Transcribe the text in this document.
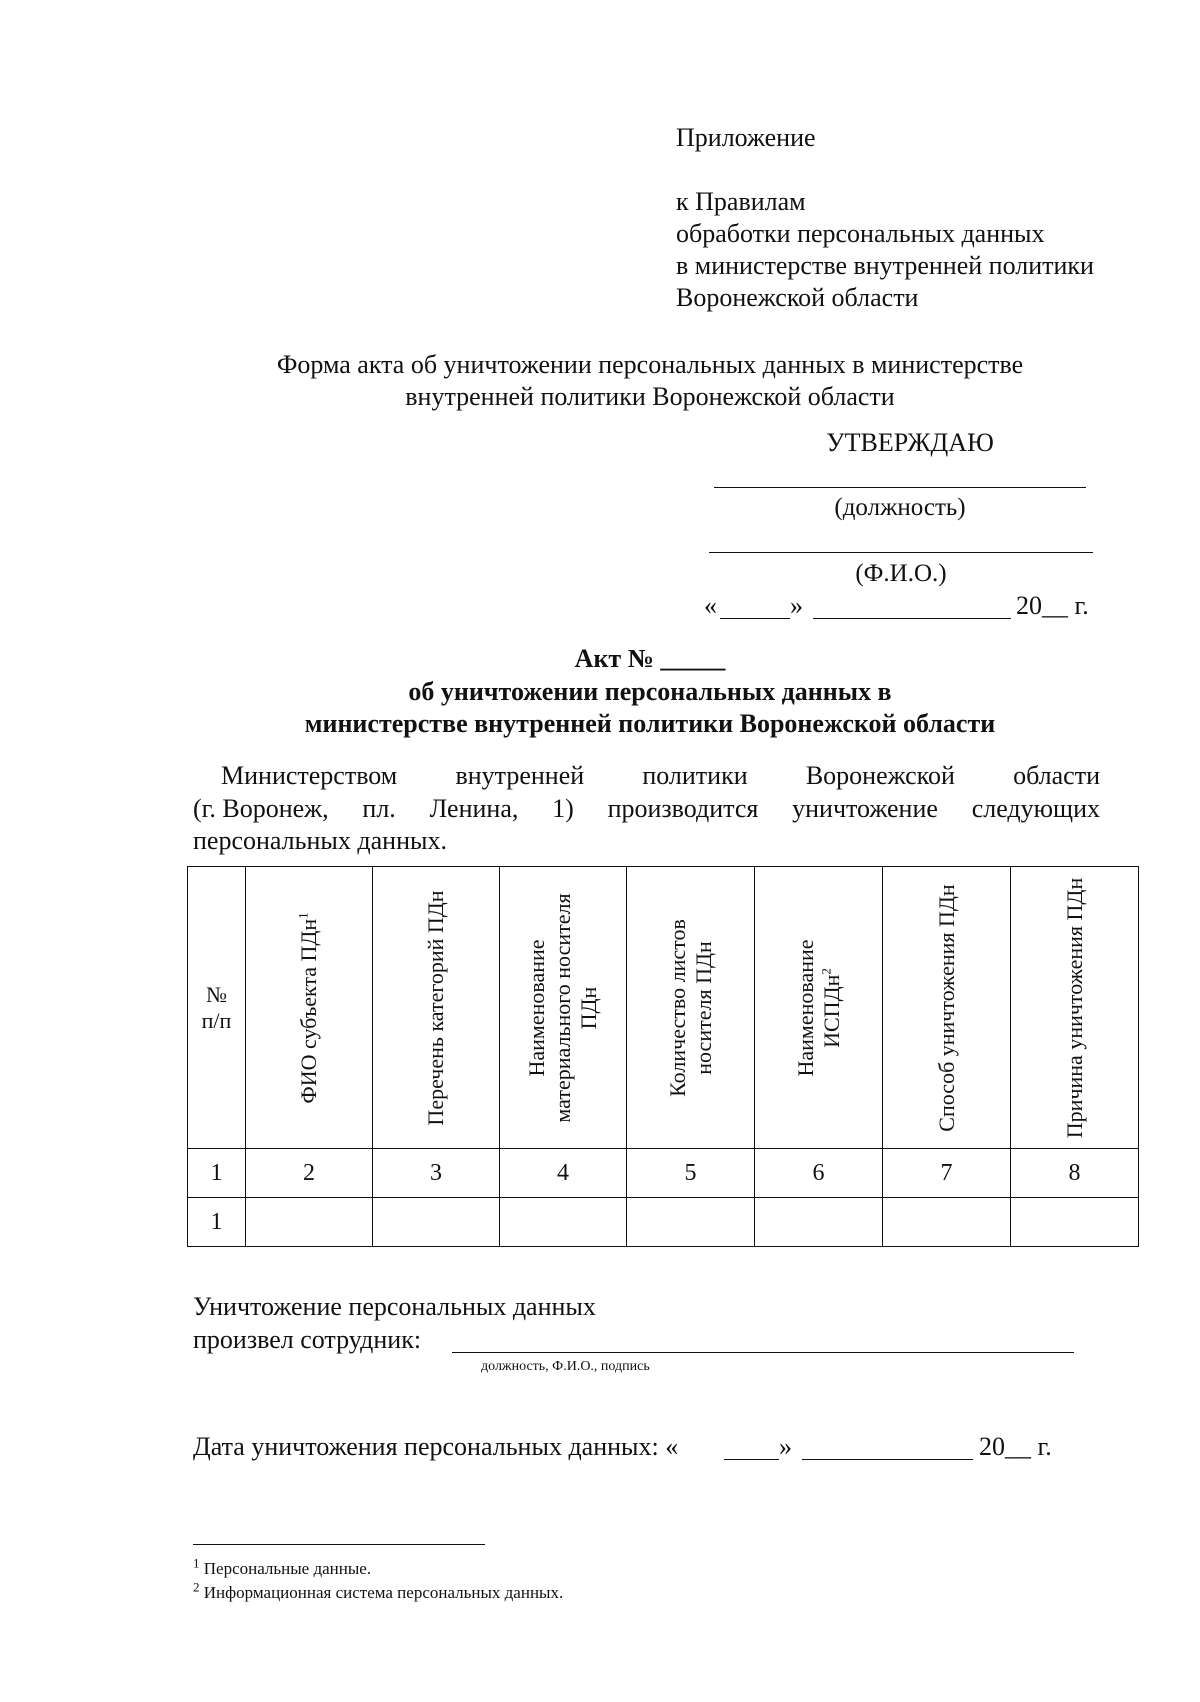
Приложение
к Правилам
обработки персональных данных
в министерстве внутренней политики
Воронежской области
Форма акта об уничтожении персональных данных в министерстве
внутренней политики Воронежской области
УТВЕРЖДАЮ
(должность)
(Ф.И.О.)
«	»	20__ г.
Акт № _____
об уничтожении персональных данных в
министерстве внутренней политики Воронежской области
Министерством внутренней политики Воронежской области
(г. Воронеж, пл. Ленина, 1) производится уничтожение следующих
персональных данных.
№ п/п	ФИО субъекта ПДн$^1$	Перечень категорий ПДн	Наименование материального носителя ПДн	Количество листов носителя ПДн	Наименование ИСПДн$^2$	Способ уничтожения ПДн	Причина уничтожения ПДн

1	2	3	4	5	6	7	8
1							
Уничтожение персональных данных
произвел сотрудник:
должность, Ф.И.О., подпись
Дата уничтожения персональных данных: «	»	20__ г.
$^1$ Персональные данные.
$^2$ Информационная система персональных данных.
